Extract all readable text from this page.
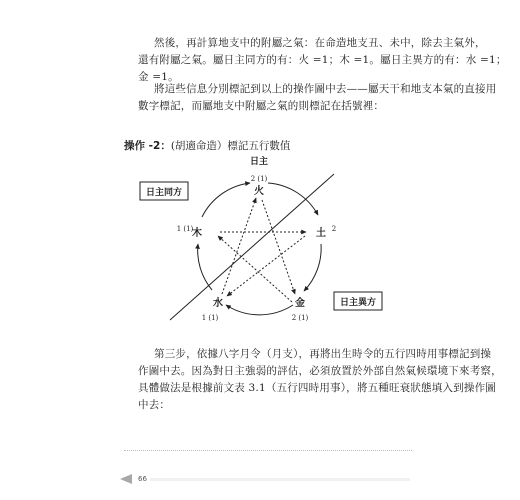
然後，再計算地支中的附屬之氣：在命造地支丑、未中，除去主氣外，
還有附屬之氣。屬日主同方的有：火 =1；木 =1。屬日主異方的有：水 =1；
金 =1。

將這些信息分別標記到以上的操作圖中去——屬天干和地支本氣的直接用
數字標記，而屬地支中附屬之氣的則標記在括號裡：

操作 -2：(胡適命造）標記五行數值
日主同方
日主異方
日主
2 (1)
2
2 (1)
1 (1)
1 (1)
火
土
金
水
木

第三步，依據八字月令（月支），再將出生時令的五行四時用事標記到操
作圖中去。因為對日主強弱的評估，必須放置於外部自然氣候環境下來考察，
具體做法是根據前文表 3.1（五行四時用事），將五種旺衰狀態填入到操作圖
中去：

66
